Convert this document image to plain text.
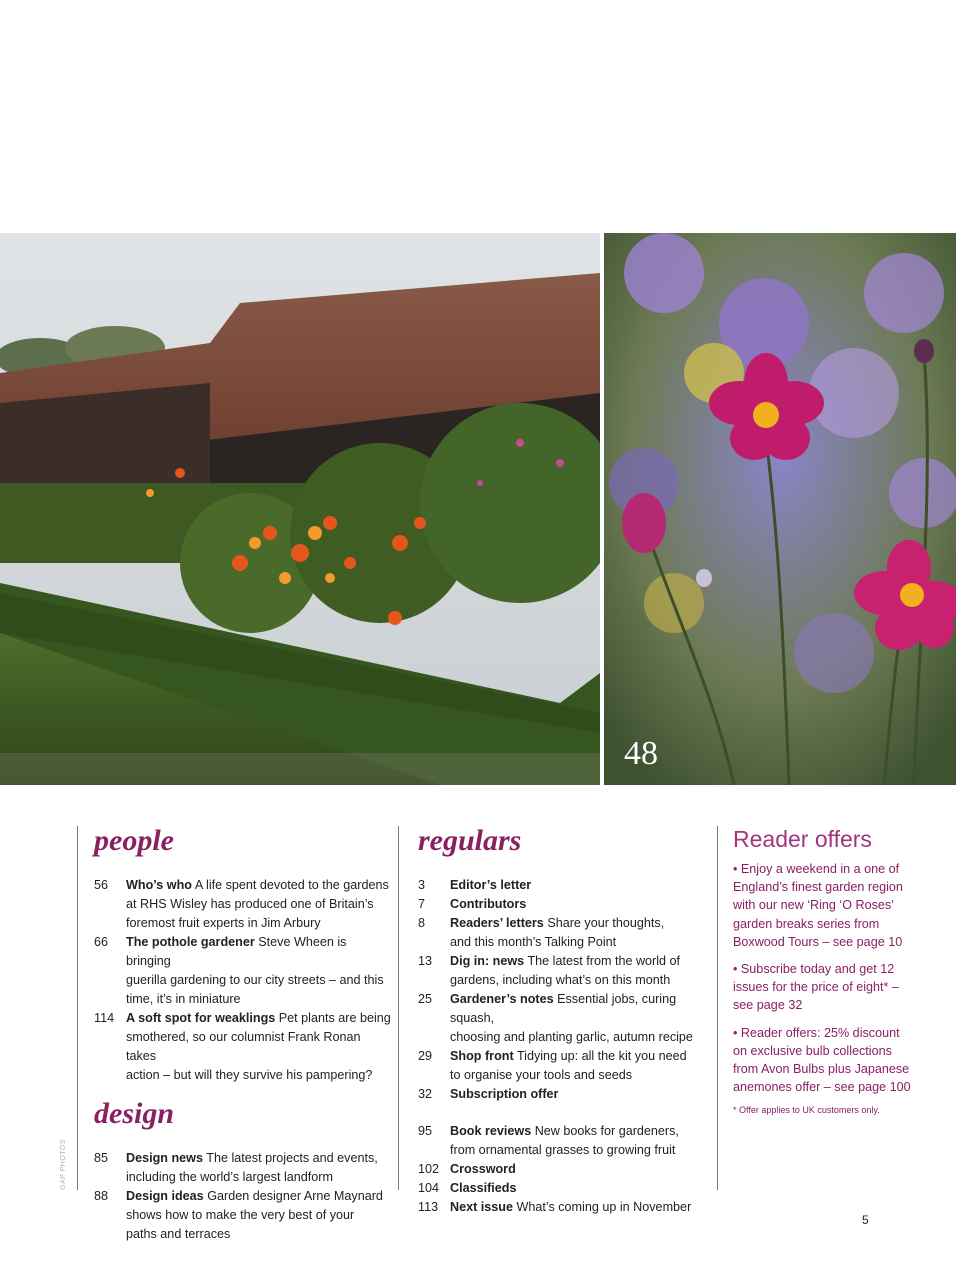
48
GAP PHOTOS
people
56	Who’s who A life spent devoted to the gardens
at RHS Wisley has produced one of Britain’s
foremost fruit experts in Jim Arbury
66	The pothole gardener Steve Wheen is bringing
guerilla gardening to our city streets – and this
time, it’s in miniature
114 A soft spot for weaklings Pet plants are being
smothered, so our columnist Frank Ronan takes
action – but will they survive his pampering?
design
85	Design news The latest projects and events,
including the world’s largest landform
88	Design ideas Garden designer Arne Maynard
shows how to make the very best of your
paths and terraces
regulars
3	Editor’s letter
7	Contributors
8	Readers’ letters Share your thoughts,
and this month’s Talking Point
13	Dig in: news The latest from the world of
gardens, including what’s on this month
25	Gardener’s notes Essential jobs, curing squash,
choosing and planting garlic, autumn recipe
29	Shop front Tidying up: all the kit you need
to organise your tools and seeds
32	Subscription offer
95	Book reviews New books for gardeners,
from ornamental grasses to growing fruit
102 Crossword
104 Classifieds
113 Next issue What’s coming up in November
Reader offers

• Enjoy a weekend in a one of England’s finest garden region with our new ‘Ring ‘O Roses’ garden breaks series from Boxwood Tours – see page 10

• Subscribe today and get 12 issues for the price of eight* – see page 32

• Reader offers: 25% discount on exclusive bulb collections from Avon Bulbs plus Japanese anemones offer – see page 100

* Offer applies to UK customers only.

5
